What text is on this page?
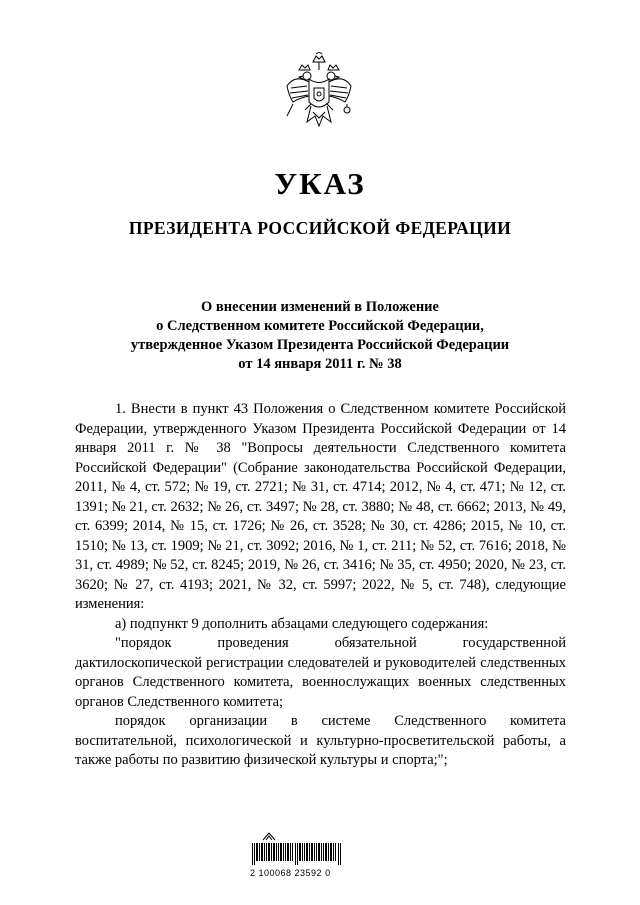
УКАЗ
ПРЕЗИДЕНТА РОССИЙСКОЙ ФЕДЕРАЦИИ
О внесении изменений в Положение
о Следственном комитете Российской Федерации,
утвержденное Указом Президента Российской Федерации
от 14 января 2011 г. № 38

1. Внести в пункт 43 Положения о Следственном комитете Российской Федерации, утвержденного Указом Президента Российской Федерации от 14 января 2011 г. № 38 "Вопросы деятельности Следственного комитета Российской Федерации" (Собрание законодательства Российской Федерации, 2011, № 4, ст. 572; № 19, ст. 2721; № 31, ст. 4714; 2012, № 4, ст. 471; № 12, ст. 1391; № 21, ст. 2632; № 26, ст. 3497; № 28, ст. 3880; № 48, ст. 6662; 2013, № 49, ст. 6399; 2014, № 15, ст. 1726; № 26, ст. 3528; № 30, ст. 4286; 2015, № 10, ст. 1510; № 13, ст. 1909; № 21, ст. 3092; 2016, № 1, ст. 211; № 52, ст. 7616; 2018, № 31, ст. 4989; № 52, ст. 8245; 2019, № 26, ст. 3416; № 35, ст. 4950; 2020, № 23, ст. 3620; № 27, ст. 4193; 2021, № 32, ст. 5997; 2022, № 5, ст. 748), следующие изменения:

а) подпункт 9 дополнить абзацами следующего содержания:

"порядок проведения обязательной государственной дактилоскопической регистрации следователей и руководителей следственных органов Следственного комитета, военнослужащих военных следственных органов Следственного комитета;

порядок организации в системе Следственного комитета воспитательной, психологической и культурно-просветительской работы, а также работы по развитию физической культуры и спорта;";

2 100068 23592 0
